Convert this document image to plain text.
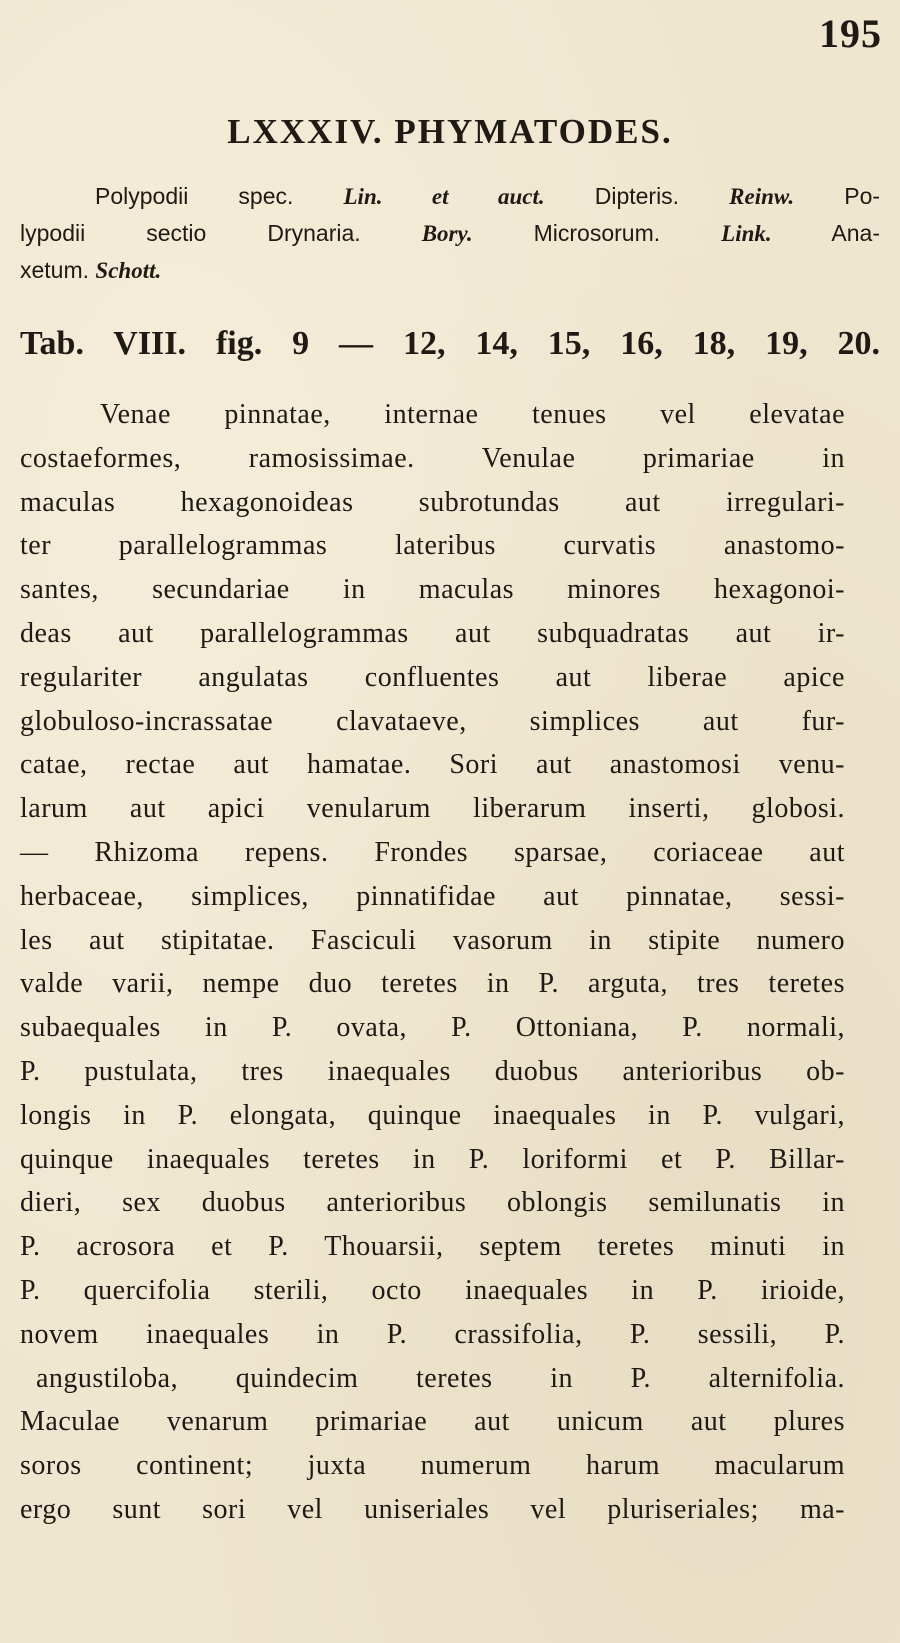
195
LXXXIV. PHYMATODES.
Polypodii spec. Lin. et auct. Dipteris. Reinw. Po-
lypodii sectio Drynaria.	Bory.	Microsorum.	Link.	Ana-
xetum. Schott.
Tab. VIII. fig. 9 — 12, 14, 15, 16, 18, 19, 20.
Venae pinnatae, internae tenues vel elevatae
costaeformes, ramosissimae. Venulae primariae in
maculas hexagonoideas subrotundas aut irregulari-
ter parallelogrammas lateribus curvatis anastomo-
santes, secundariae in maculas minores hexagonoi-
deas aut parallelogrammas aut subquadratas aut ir-
regulariter angulatas confluentes aut liberae apice
globuloso-incrassatae clavataeve, simplices aut fur-
catae, rectae aut hamatae. Sori aut anastomosi venu-
larum aut apici venularum liberarum inserti, globosi.
— Rhizoma repens. Frondes sparsae, coriaceae aut
herbaceae, simplices, pinnatifidae aut pinnatae, sessi-
les aut stipitatae. Fasciculi vasorum in stipite numero
valde varii, nempe duo teretes in P. arguta, tres teretes
subaequales in P. ovata, P. Ottoniana, P. normali,
P. pustulata, tres inaequales duobus anterioribus ob-
longis in P. elongata, quinque inaequales in P. vulgari,
quinque inaequales teretes in P. loriformi et P. Billar-
dieri, sex duobus anterioribus oblongis semilunatis in
P. acrosora et P. Thouarsii, septem teretes minuti in
P. quercifolia sterili, octo inaequales in P. irioide,
novem inaequales in P. crassifolia, P. sessili, P.
angustiloba, quindecim teretes in P. alternifolia.
Maculae venarum primariae aut unicum aut plures
soros continent; juxta numerum harum macularum
ergo sunt sori vel uniseriales vel pluriseriales; ma-
